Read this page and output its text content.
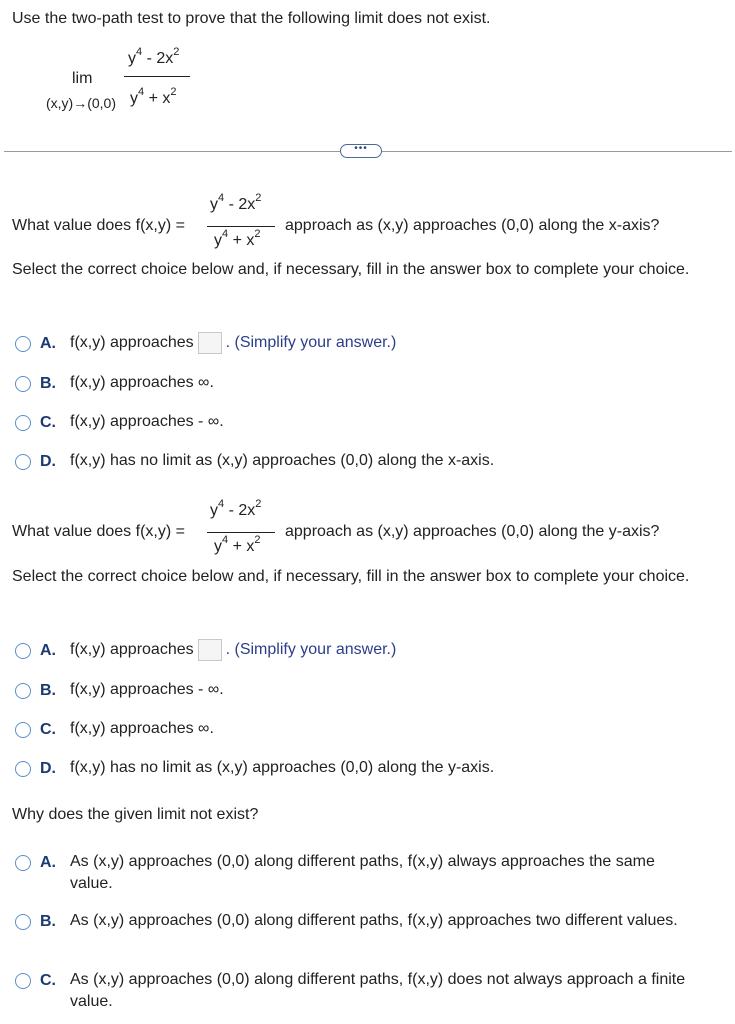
Use the two-path test to prove that the following limit does not exist.
lim
(x,y)→(0,0)
$y^4 - 2x^2$
$y^4 + x^2$
•••
What value does f(x,y) =
$y^4 - 2x^2$
$y^4 + x^2$ approach as (x,y) approaches (0,0) along the x-axis?
Select the correct choice below and, if necessary, fill in the answer box to complete your choice.
A. f(x,y) approaches . (Simplify your answer.)
B. f(x,y) approaches ∞.
C. f(x,y) approaches - ∞.
D. f(x,y) has no limit as (x,y) approaches (0,0) along the x-axis.
What value does f(x,y) =
$y^4 - 2x^2$
$y^4 + x^2$ approach as (x,y) approaches (0,0) along the y-axis?
Select the correct choice below and, if necessary, fill in the answer box to complete your choice.
A. f(x,y) approaches . (Simplify your answer.)
B. f(x,y) approaches - ∞.
C. f(x,y) approaches ∞.
D. f(x,y) has no limit as (x,y) approaches (0,0) along the y-axis.
Why does the given limit not exist?
A. As (x,y) approaches (0,0) along different paths, f(x,y) always approaches the same value.
B. As (x,y) approaches (0,0) along different paths, f(x,y) approaches two different values.
C. As (x,y) approaches (0,0) along different paths, f(x,y) does not always approach a finite value.
